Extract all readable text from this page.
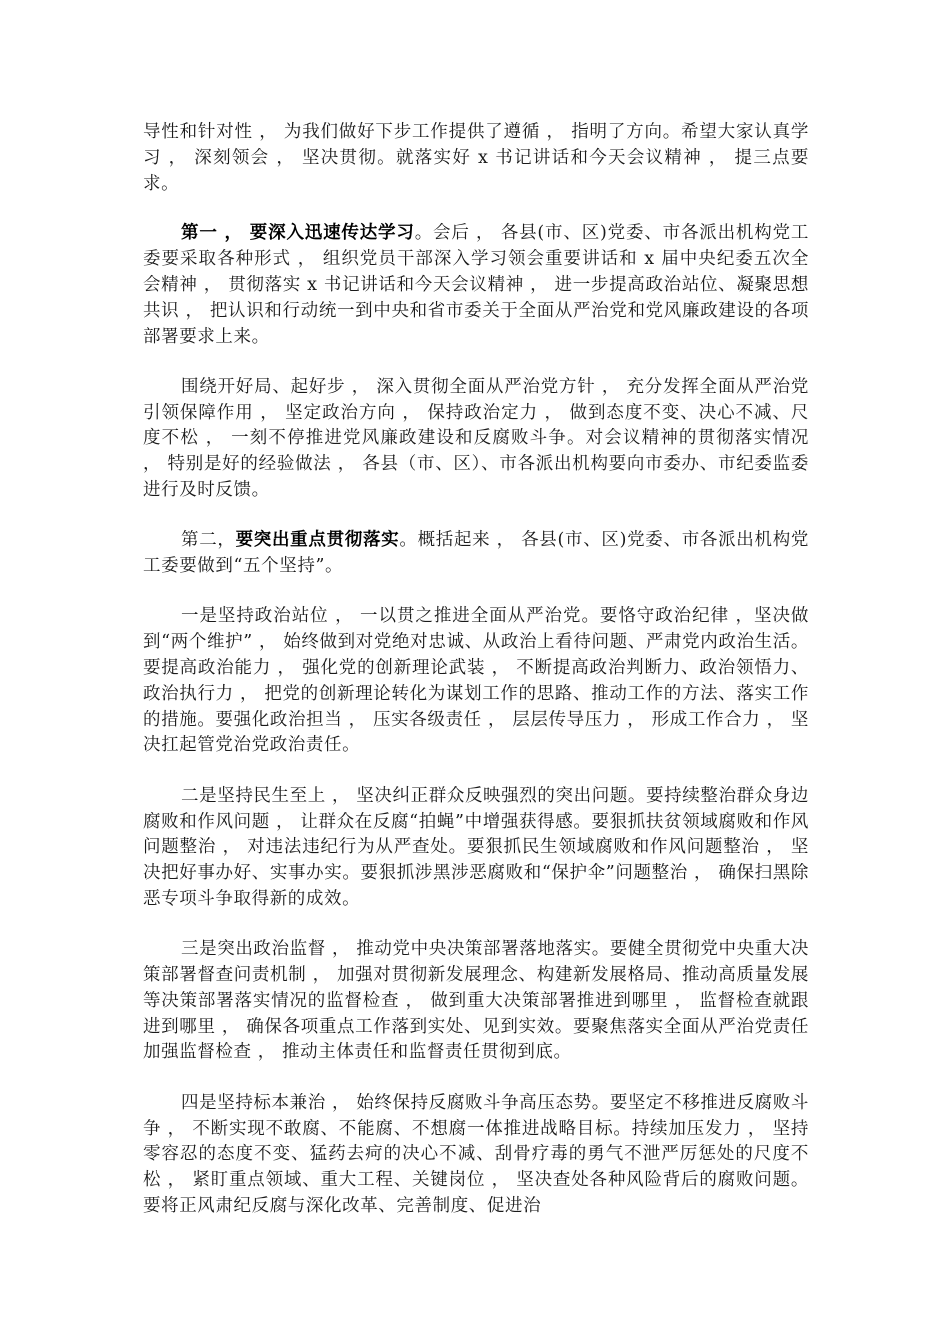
导性和针对性 ， 为我们做好下步工作提供了遵循 ， 指明了方向。希望大家认真学习 ， 深刻领会 ， 坚决贯彻。就落实好 x 书记讲话和今天会议精神 ， 提三点要求。

第一 ， 要深入迅速传达学习。会后 ， 各县(市、区)党委、市各派出机构党工委要采取各种形式 ， 组织党员干部深入学习领会重要讲话和 x 届中央纪委五次全会精神 ， 贯彻落实 x 书记讲话和今天会议精神 ， 进一步提高政治站位、凝聚思想共识 ， 把认识和行动统一到中央和省市委关于全面从严治党和党风廉政建设的各项部署要求上来。

围绕开好局、起好步 ， 深入贯彻全面从严治党方针 ， 充分发挥全面从严治党引领保障作用 ， 坚定政治方向 ， 保持政治定力 ， 做到态度不变、决心不减、尺度不松 ， 一刻不停推进党风廉政建设和反腐败斗争。对会议精神的贯彻落实情况 ， 特别是好的经验做法 ， 各县（市、区）、市各派出机构要向市委办、市纪委监委进行及时反馈。

第二，要突出重点贯彻落实。概括起来 ， 各县(市、区)党委、市各派出机构党工委要做到“五个坚持”。

一是坚持政治站位 ， 一以贯之推进全面从严治党。要恪守政治纪律 ，坚决做到“两个维护” ， 始终做到对党绝对忠诚、从政治上看待问题、严肃党内政治生活。要提高政治能力 ， 强化党的创新理论武装 ， 不断提高政治判断力、政治领悟力、政治执行力 ， 把党的创新理论转化为谋划工作的思路、推动工作的方法、落实工作的措施。要强化政治担当 ， 压实各级责任 ， 层层传导压力 ， 形成工作合力 ， 坚决扛起管党治党政治责任。

二是坚持民生至上 ， 坚决纠正群众反映强烈的突出问题。要持续整治群众身边腐败和作风问题 ， 让群众在反腐“拍蝇”中增强获得感。要狠抓扶贫领域腐败和作风问题整治 ， 对违法违纪行为从严查处。要狠抓民生领域腐败和作风问题整治 ， 坚决把好事办好、实事办实。要狠抓涉黑涉恶腐败和“保护伞”问题整治 ， 确保扫黑除恶专项斗争取得新的成效。

三是突出政治监督 ， 推动党中央决策部署落地落实。要健全贯彻党中央重大决策部署督查问责机制 ， 加强对贯彻新发展理念、构建新发展格局、推动高质量发展等决策部署落实情况的监督检查 ， 做到重大决策部署推进到哪里 ， 监督检查就跟进到哪里 ， 确保各项重点工作落到实处、见到实效。要聚焦落实全面从严治党责任加强监督检查 ， 推动主体责任和监督责任贯彻到底。

四是坚持标本兼治 ， 始终保持反腐败斗争高压态势。要坚定不移推进反腐败斗争 ， 不断实现不敢腐、不能腐、不想腐一体推进战略目标。持续加压发力 ， 坚持零容忍的态度不变、猛药去疴的决心不减、刮骨疗毒的勇气不泄严厉惩处的尺度不松 ， 紧盯重点领域、重大工程、关键岗位 ， 坚决查处各种风险背后的腐败问题。要将正风肃纪反腐与深化改革、完善制度、促进治
